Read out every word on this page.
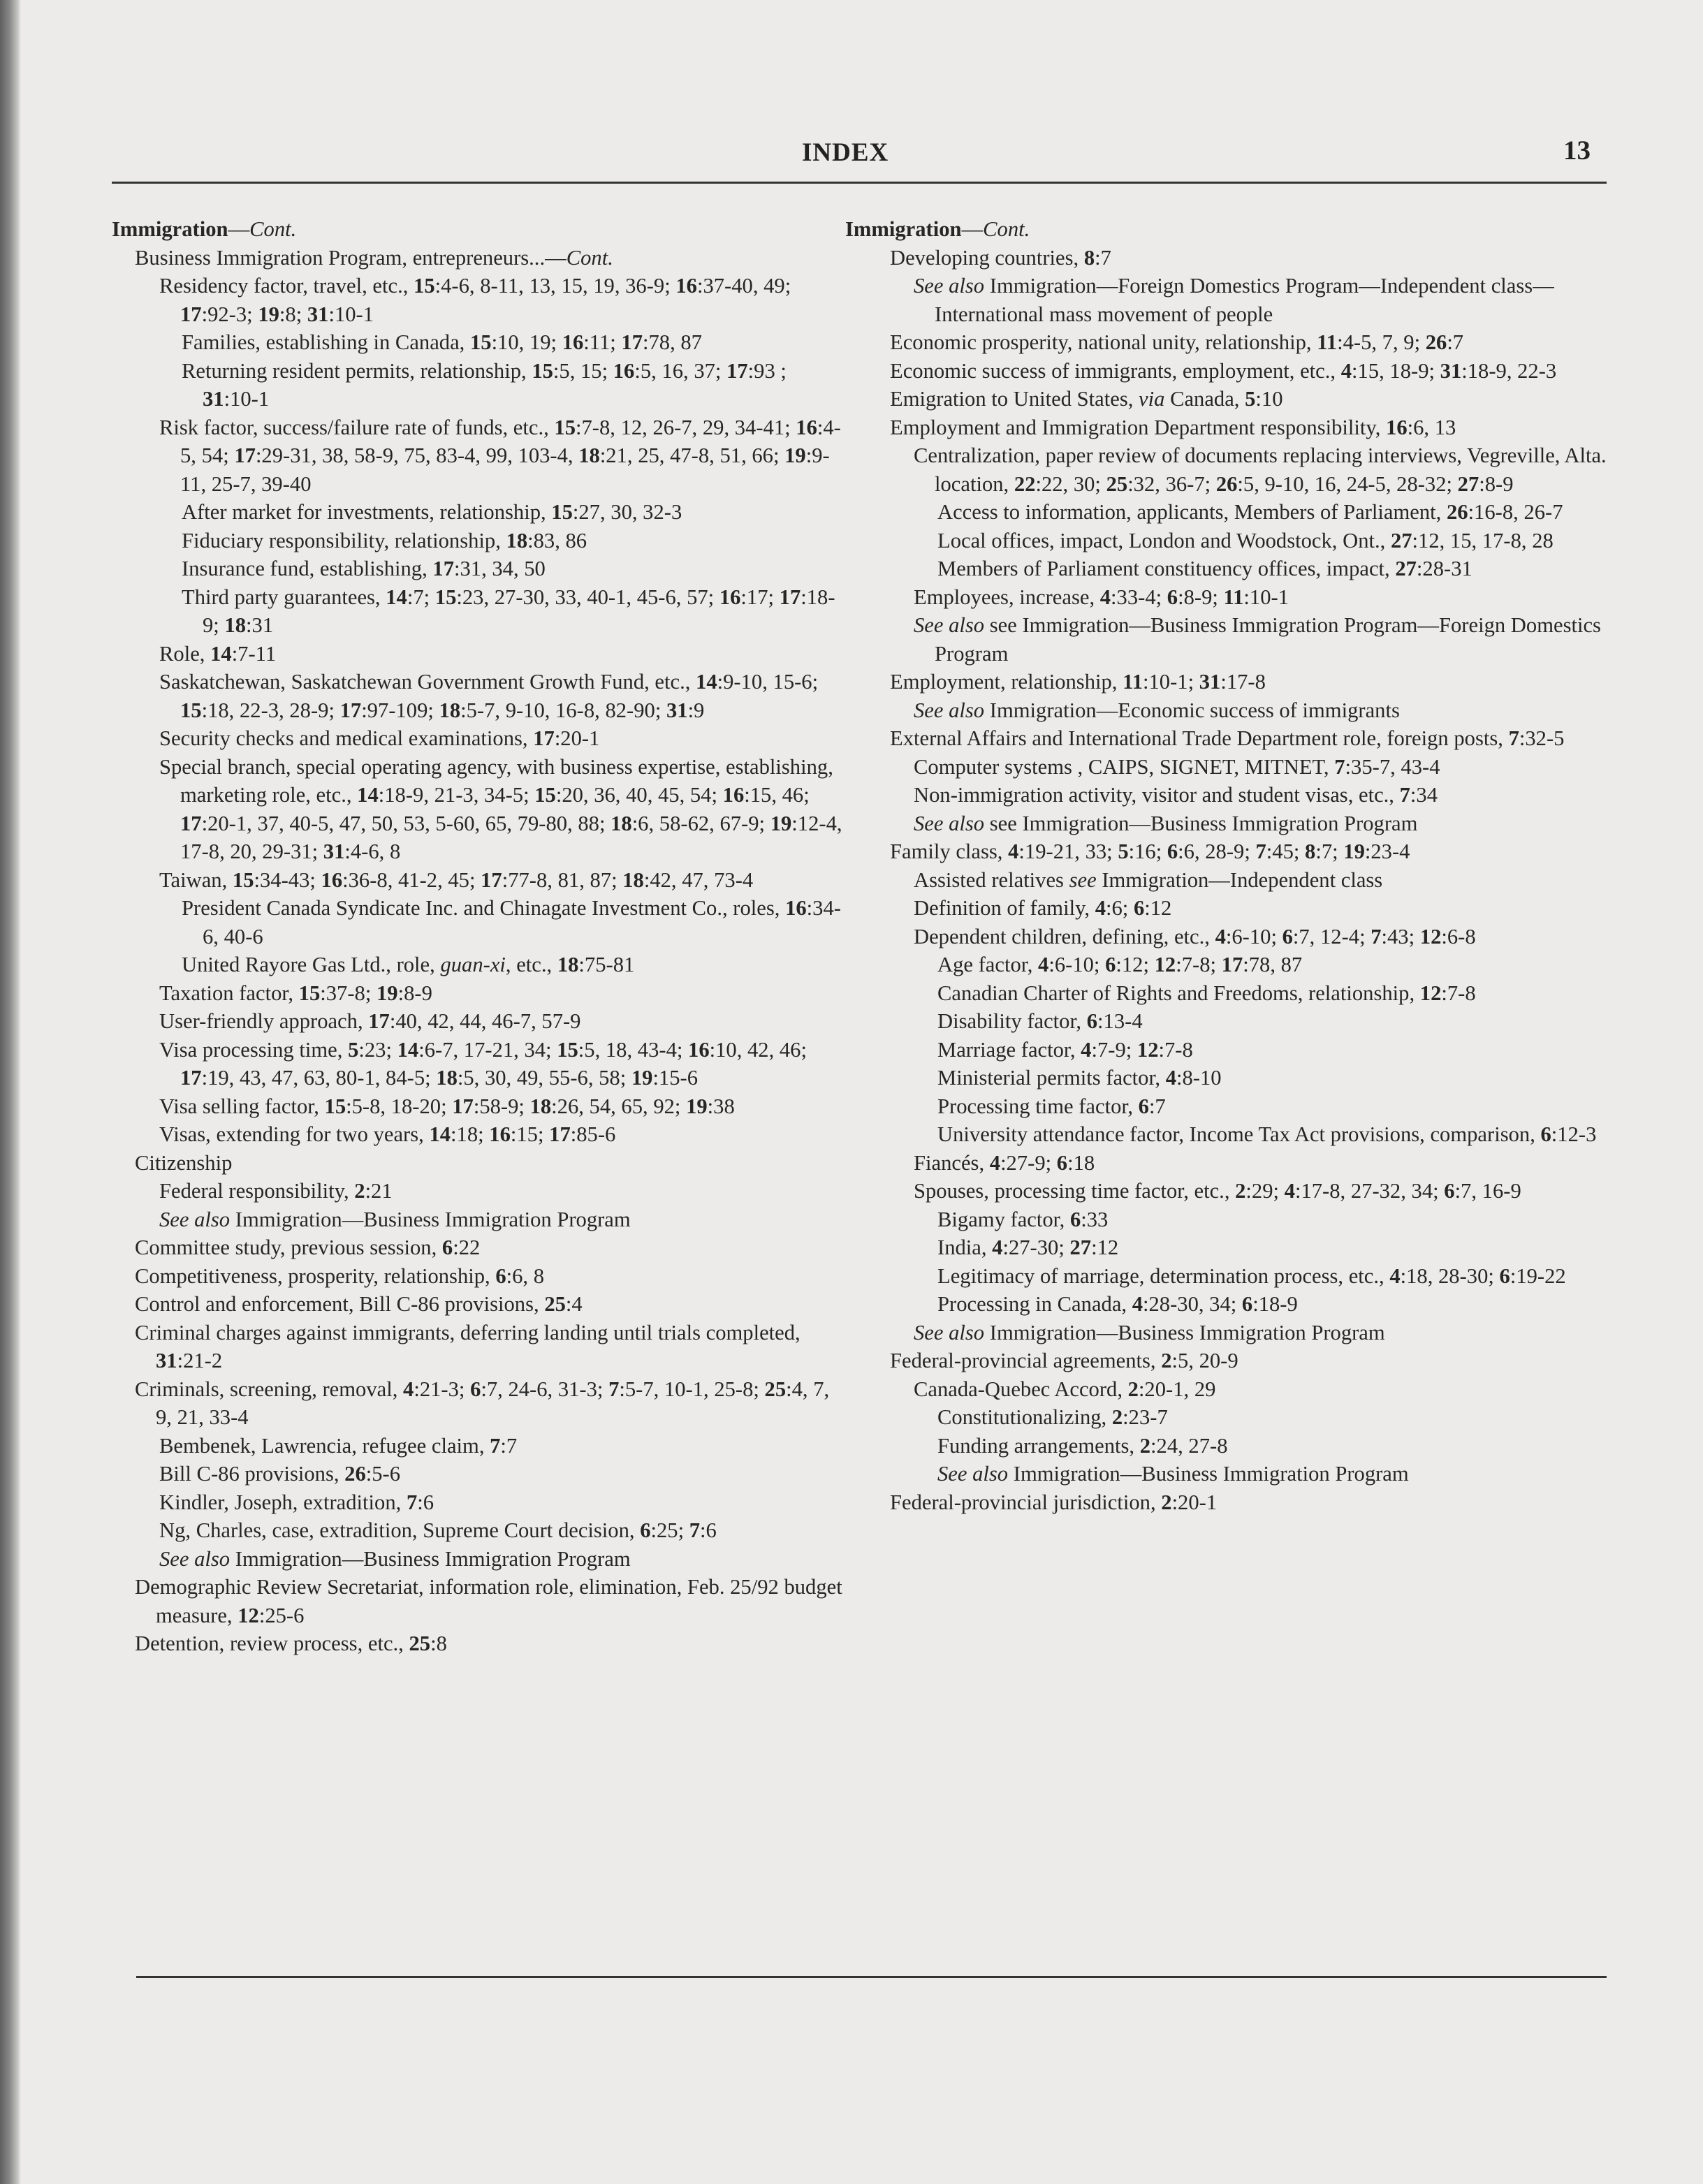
INDEX	13
Immigration—Cont.
Business Immigration Program, entrepreneurs...—Cont.
Residency factor, travel, etc., 15:4-6, 8-11, 13, 15, 19, 36-9; 16:37-40, 49; 17:92-3; 19:8; 31:10-1
Families, establishing in Canada, 15:10, 19; 16:11; 17:78, 87
Returning resident permits, relationship, 15:5, 15; 16:5, 16, 37; 17:93 ; 31:10-1
Risk factor, success/failure rate of funds, etc., 15:7-8, 12, 26-7, 29, 34-41; 16:4-5, 54; 17:29-31, 38, 58-9, 75, 83-4, 99, 103-4, 18:21, 25, 47-8, 51, 66; 19:9-11, 25-7, 39-40
After market for investments, relationship, 15:27, 30, 32-3
Fiduciary responsibility, relationship, 18:83, 86
Insurance fund, establishing, 17:31, 34, 50
Third party guarantees, 14:7; 15:23, 27-30, 33, 40-1, 45-6, 57; 16:17; 17:18-9; 18:31
Role, 14:7-11
Saskatchewan, Saskatchewan Government Growth Fund, etc., 14:9-10, 15-6; 15:18, 22-3, 28-9; 17:97-109; 18:5-7, 9-10, 16-8, 82-90; 31:9
Security checks and medical examinations, 17:20-1
Special branch, special operating agency, with business expertise, establishing, marketing role, etc., 14:18-9, 21-3, 34-5; 15:20, 36, 40, 45, 54; 16:15, 46; 17:20-1, 37, 40-5, 47, 50, 53, 5-60, 65, 79-80, 88; 18:6, 58-62, 67-9; 19:12-4, 17-8, 20, 29-31; 31:4-6, 8
Taiwan, 15:34-43; 16:36-8, 41-2, 45; 17:77-8, 81, 87; 18:42, 47, 73-4
President Canada Syndicate Inc. and Chinagate Investment Co., roles, 16:34-6, 40-6
United Rayore Gas Ltd., role, guan-xi, etc., 18:75-81
Taxation factor, 15:37-8; 19:8-9
User-friendly approach, 17:40, 42, 44, 46-7, 57-9
Visa processing time, 5:23; 14:6-7, 17-21, 34; 15:5, 18, 43-4; 16:10, 42, 46; 17:19, 43, 47, 63, 80-1, 84-5; 18:5, 30, 49, 55-6, 58; 19:15-6
Visa selling factor, 15:5-8, 18-20; 17:58-9; 18:26, 54, 65, 92; 19:38
Visas, extending for two years, 14:18; 16:15; 17:85-6
Citizenship
Federal responsibility, 2:21
See also Immigration—Business Immigration Program
Committee study, previous session, 6:22
Competitiveness, prosperity, relationship, 6:6, 8
Control and enforcement, Bill C-86 provisions, 25:4
Criminal charges against immigrants, deferring landing until trials completed, 31:21-2
Criminals, screening, removal, 4:21-3; 6:7, 24-6, 31-3; 7:5-7, 10-1, 25-8; 25:4, 7, 9, 21, 33-4
Bembenek, Lawrencia, refugee claim, 7:7
Bill C-86 provisions, 26:5-6
Kindler, Joseph, extradition, 7:6
Ng, Charles, case, extradition, Supreme Court decision, 6:25; 7:6
See also Immigration—Business Immigration Program
Demographic Review Secretariat, information role, elimination, Feb. 25/92 budget measure, 12:25-6
Detention, review process, etc., 25:8
Immigration—Cont.
Developing countries, 8:7
See also Immigration—Foreign Domestics Program—Independent class—International mass movement of people
Economic prosperity, national unity, relationship, 11:4-5, 7, 9; 26:7
Economic success of immigrants, employment, etc., 4:15, 18-9; 31:18-9, 22-3
Emigration to United States, via Canada, 5:10
Employment and Immigration Department responsibility, 16:6, 13
Centralization, paper review of documents replacing interviews, Vegreville, Alta. location, 22:22, 30; 25:32, 36-7; 26:5, 9-10, 16, 24-5, 28-32; 27:8-9
Access to information, applicants, Members of Parliament, 26:16-8, 26-7
Local offices, impact, London and Woodstock, Ont., 27:12, 15, 17-8, 28
Members of Parliament constituency offices, impact, 27:28-31
Employees, increase, 4:33-4; 6:8-9; 11:10-1
See also see Immigration—Business Immigration Program—Foreign Domestics Program
Employment, relationship, 11:10-1; 31:17-8
See also Immigration—Economic success of immigrants
External Affairs and International Trade Department role, foreign posts, 7:32-5
Computer systems , CAIPS, SIGNET, MITNET, 7:35-7, 43-4
Non-immigration activity, visitor and student visas, etc., 7:34
See also see Immigration—Business Immigration Program
Family class, 4:19-21, 33; 5:16; 6:6, 28-9; 7:45; 8:7; 19:23-4
Assisted relatives see Immigration—Independent class
Definition of family, 4:6; 6:12
Dependent children, defining, etc., 4:6-10; 6:7, 12-4; 7:43; 12:6-8
Age factor, 4:6-10; 6:12; 12:7-8; 17:78, 87
Canadian Charter of Rights and Freedoms, relationship, 12:7-8
Disability factor, 6:13-4
Marriage factor, 4:7-9; 12:7-8
Ministerial permits factor, 4:8-10
Processing time factor, 6:7
University attendance factor, Income Tax Act provisions, comparison, 6:12-3
Fiancés, 4:27-9; 6:18
Spouses, processing time factor, etc., 2:29; 4:17-8, 27-32, 34; 6:7, 16-9
Bigamy factor, 6:33
India, 4:27-30; 27:12
Legitimacy of marriage, determination process, etc., 4:18, 28-30; 6:19-22
Processing in Canada, 4:28-30, 34; 6:18-9
See also Immigration—Business Immigration Program
Federal-provincial agreements, 2:5, 20-9
Canada-Quebec Accord, 2:20-1, 29
Constitutionalizing, 2:23-7
Funding arrangements, 2:24, 27-8
See also Immigration—Business Immigration Program
Federal-provincial jurisdiction, 2:20-1
